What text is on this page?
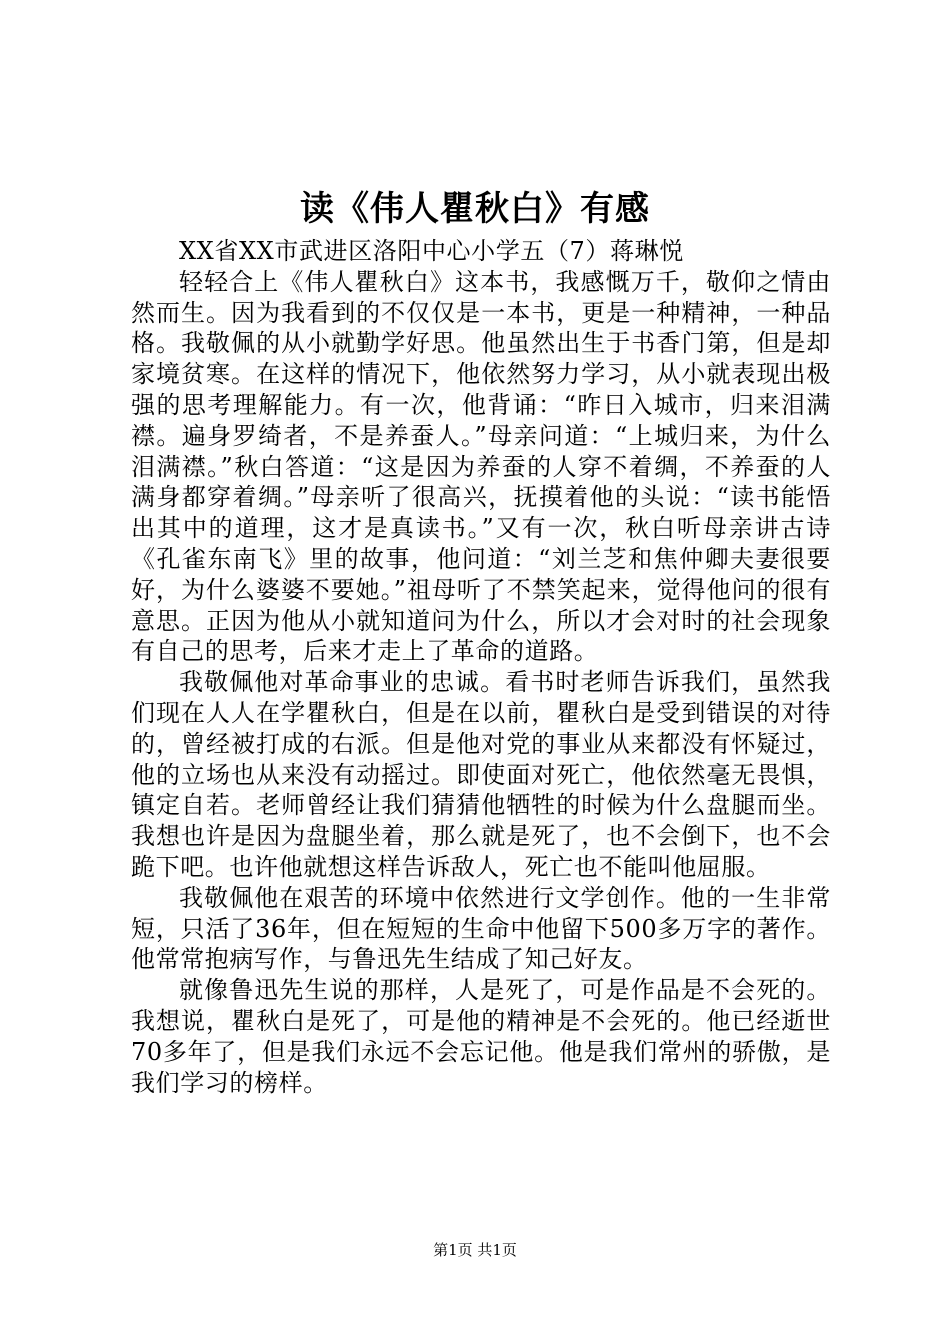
读《伟人瞿秋白》有感

XX省XX市武进区洛阳中心小学五（7）蒋琳悦

轻轻合上《伟人瞿秋白》这本书，我感慨万千，敬仰之情由然而生。因为我看到的不仅仅是一本书，更是一种精神，一种品格。我敬佩的从小就勤学好思。他虽然出生于书香门第，但是却家境贫寒。在这样的情况下，他依然努力学习，从小就表现出极强的思考理解能力。有一次，他背诵：“昨日入城市，归来泪满襟。遍身罗绮者，不是养蚕人。”母亲问道：“上城归来，为什么泪满襟。”秋白答道：“这是因为养蚕的人穿不着绸，不养蚕的人满身都穿着绸。”母亲听了很高兴，抚摸着他的头说：“读书能悟出其中的道理，这才是真读书。”又有一次，秋白听母亲讲古诗《孔雀东南飞》里的故事，他问道：“刘兰芝和焦仲卿夫妻很要好，为什么婆婆不要她。”祖母听了不禁笑起来，觉得他问的很有意思。正因为他从小就知道问为什么，所以才会对时的社会现象有自己的思考，后来才走上了革命的道路。

我敬佩他对革命事业的忠诚。看书时老师告诉我们，虽然我们现在人人在学瞿秋白，但是在以前，瞿秋白是受到错误的对待的，曾经被打成的右派。但是他对党的事业从来都没有怀疑过，他的立场也从来没有动摇过。即使面对死亡，他依然毫无畏惧，镇定自若。老师曾经让我们猜猜他牺牲的时候为什么盘腿而坐。我想也许是因为盘腿坐着，那么就是死了，也不会倒下，也不会跪下吧。也许他就想这样告诉敌人，死亡也不能叫他屈服。

我敬佩他在艰苦的环境中依然进行文学创作。他的一生非常短，只活了36年，但在短短的生命中他留下500多万字的著作。他常常抱病写作，与鲁迅先生结成了知己好友。

就像鲁迅先生说的那样，人是死了，可是作品是不会死的。我想说，瞿秋白是死了，可是他的精神是不会死的。他已经逝世70多年了，但是我们永远不会忘记他。他是我们常州的骄傲，是我们学习的榜样。

第1页 共1页
